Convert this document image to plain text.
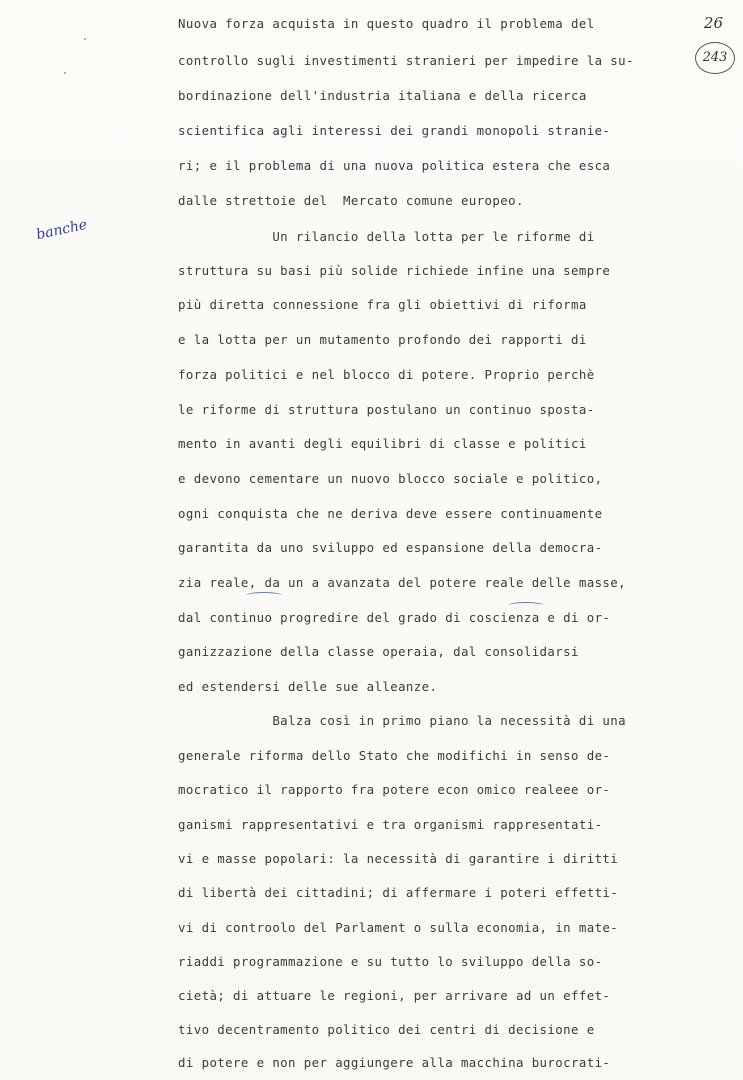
26
243
banche
Nuova forza acquista in questo quadro il problema del
controllo sugli investimenti stranieri per impedire la su-
bordinazione dell'industria italiana e della ricerca
scientifica agli interessi dei grandi monopoli stranie-
ri; e il problema di una nuova politica estera che esca
dalle strettoie del  Mercato comune europeo.
Un rilancio della lotta per le riforme di
struttura su basi più solide richiede infine una sempre
più diretta connessione fra gli obiettivi di riforma
e la lotta per un mutamento profondo dei rapporti di
forza politici e nel blocco di potere. Proprio perchè
le riforme di struttura postulano un continuo sposta-
mento in avanti degli equilibri di classe e politici
e devono cementare un nuovo blocco sociale e politico,
ogni conquista che ne deriva deve essere continuamente
garantita da uno sviluppo ed espansione della democra-
zia reale, da un a avanzata del potere reale delle masse,
dal continuo progredire del grado di coscienza e di or-
ganizzazione della classe operaia, dal consolidarsi
ed estendersi delle sue alleanze.
Balza così in primo piano la necessità di una
generale riforma dello Stato che modifichi in senso de-
mocratico il rapporto fra potere econ omico realeee or-
ganismi rappresentativi e tra organismi rappresentati-
vi e masse popolari: la necessità di garantire i diritti
di libertà dei cittadini; di affermare i poteri effetti-
vi di controolo del Parlament o sulla economia, in mate-
riaddi programmazione e su tutto lo sviluppo della so-
cietà; di attuare le regioni, per arrivare ad un effet-
tivo decentramento politico dei centri di decisione e
di potere e non per aggiungere alla macchina burocrati-
